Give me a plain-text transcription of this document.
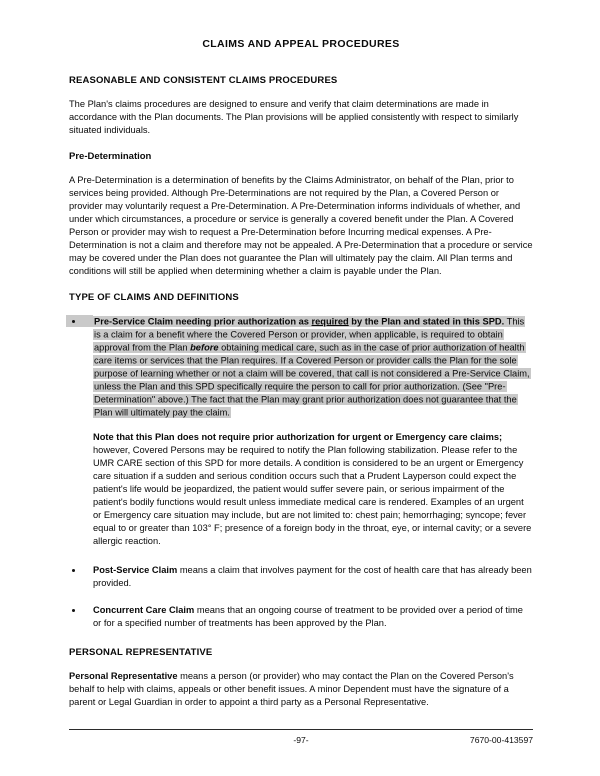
CLAIMS AND APPEAL PROCEDURES
REASONABLE AND CONSISTENT CLAIMS PROCEDURES

The Plan's claims procedures are designed to ensure and verify that claim determinations are made in accordance with the Plan documents. The Plan provisions will be applied consistently with respect to similarly situated individuals.

Pre-Determination

A Pre-Determination is a determination of benefits by the Claims Administrator, on behalf of the Plan, prior to services being provided. Although Pre-Determinations are not required by the Plan, a Covered Person or provider may voluntarily request a Pre-Determination. A Pre-Determination informs individuals of whether, and under which circumstances, a procedure or service is generally a covered benefit under the Plan. A Covered Person or provider may wish to request a Pre-Determination before Incurring medical expenses. A Pre-Determination is not a claim and therefore may not be appealed. A Pre-Determination that a procedure or service may be covered under the Plan does not guarantee the Plan will ultimately pay the claim. All Plan terms and conditions will still be applied when determining whether a claim is payable under the Plan.

TYPE OF CLAIMS AND DEFINITIONS

Pre-Service Claim needing prior authorization as required by the Plan and stated in this SPD. This is a claim for a benefit where the Covered Person or provider, when applicable, is required to obtain approval from the Plan before obtaining medical care, such as in the case of prior authorization of health care items or services that the Plan requires. If a Covered Person or provider calls the Plan for the sole purpose of learning whether or not a claim will be covered, that call is not considered a Pre-Service Claim, unless the Plan and this SPD specifically require the person to call for prior authorization. (See "Pre-Determination" above.) The fact that the Plan may grant prior authorization does not guarantee that the Plan will ultimately pay the claim.

Note that this Plan does not require prior authorization for urgent or Emergency care claims; however, Covered Persons may be required to notify the Plan following stabilization. Please refer to the UMR CARE section of this SPD for more details. A condition is considered to be an urgent or Emergency care situation if a sudden and serious condition occurs such that a Prudent Layperson could expect the patient's life would be jeopardized, the patient would suffer severe pain, or serious impairment of the patient's bodily functions would result unless immediate medical care is rendered. Examples of an urgent or Emergency care situation may include, but are not limited to: chest pain; hemorrhaging; syncope; fever equal to or greater than 103° F; presence of a foreign body in the throat, eye, or internal cavity; or a severe allergic reaction.

Post-Service Claim means a claim that involves payment for the cost of health care that has already been provided.

Concurrent Care Claim means that an ongoing course of treatment to be provided over a period of time or for a specified number of treatments has been approved by the Plan.

PERSONAL REPRESENTATIVE

Personal Representative means a person (or provider) who may contact the Plan on the Covered Person's behalf to help with claims, appeals or other benefit issues. A minor Dependent must have the signature of a parent or Legal Guardian in order to appoint a third party as a Personal Representative.

-97-	7670-00-413597
